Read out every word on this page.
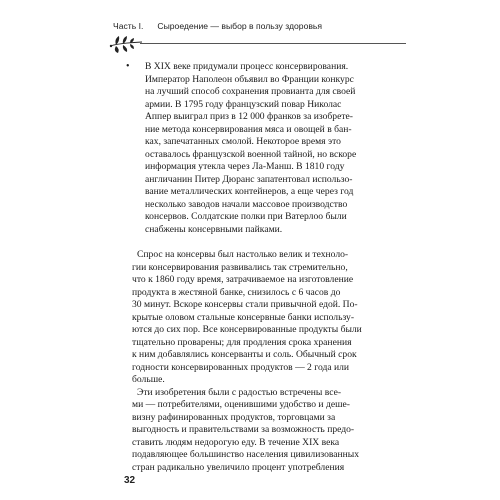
Часть I. Сыроедение — выбор в пользу здоровья
• В XIX веке придумали процесс консервирования.
Император Наполеон объявил во Франции конкурс
на лучший способ сохранения провианта для своей
армии. В 1795 году французский повар Николас
Аппер выиграл приз в 12 000 франков за изобрете-
ние метода консервирования мяса и овощей в бан-
ках, запечатанных смолой. Некоторое время это
оставалось французской военной тайной, но вскоре
информация утекла через Ла-Манш. В 1810 году
англичанин Питер Дюранс запатентовал использо-
вание металлических контейнеров, а еще через год
несколько заводов начали массовое производство
консервов. Солдатские полки при Ватерлоо были
снабжены консервными пайками.
Спрос на консервы был настолько велик и техноло-
гии консервирования развивались так стремительно,
что к 1860 году время, затрачиваемое на изготовление
продукта в жестяной банке, снизилось с 6 часов до
30 минут. Вскоре консервы стали привычной едой. По-
крытые оловом стальные консервные банки использу-
ются до сих пор. Все консервированные продукты были
тщательно проварены; для продления срока хранения
к ним добавлялись консерванты и соль. Обычный срок
годности консервированных продуктов — 2 года или
больше.
Эти изобретения были с радостью встречены все-
ми — потребителями, оценившими удобство и деше-
визну рафинированных продуктов, торговцами за
выгодность и правительствами за возможность предо-
ставить людям недорогую еду. В течение XIX века
подавляющее большинство населения цивилизованных
стран радикально увеличило процент употребления
32
